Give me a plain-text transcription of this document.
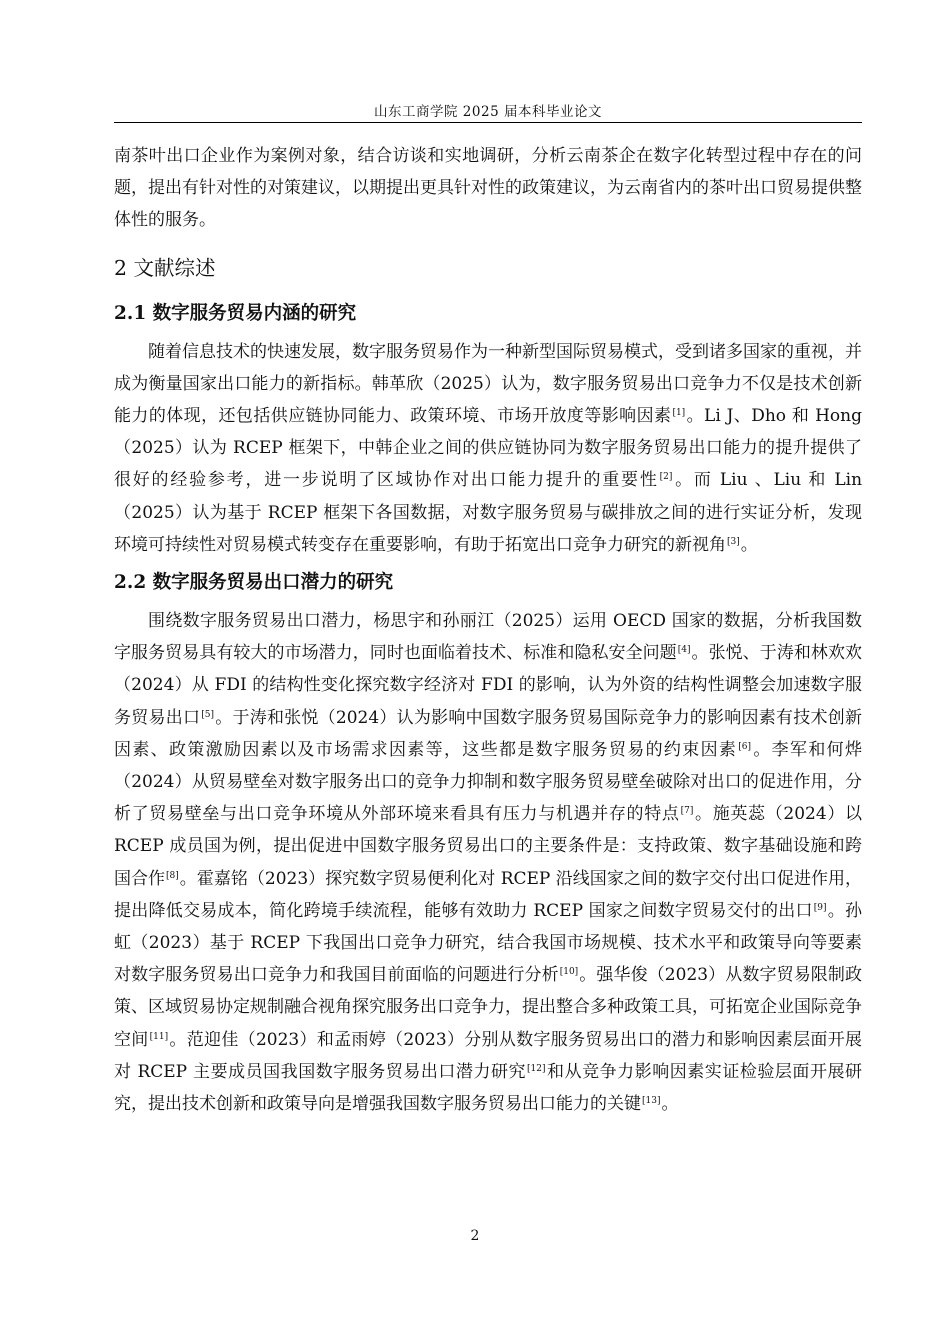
山东工商学院 2025 届本科毕业论文

南茶叶出口企业作为案例对象，结合访谈和实地调研，分析云南茶企在数字化转型过程中存在的问题，提出有针对性的对策建议，以期提出更具针对性的政策建议，为云南省内的茶叶出口贸易提供整体性的服务。

2 文献综述
2.1 数字服务贸易内涵的研究

随着信息技术的快速发展，数字服务贸易作为一种新型国际贸易模式，受到诸多国家的重视，并成为衡量国家出口能力的新指标。韩革欣（2025）认为，数字服务贸易出口竞争力不仅是技术创新能力的体现，还包括供应链协同能力、政策环境、市场开放度等影响因素[1]。Li J、Dho 和 Hong（2025）认为 RCEP 框架下，中韩企业之间的供应链协同为数字服务贸易出口能力的提升提供了很好的经验参考，进一步说明了区域协作对出口能力提升的重要性[2]。而 Liu 、Liu 和 Lin（2025）认为基于 RCEP 框架下各国数据，对数字服务贸易与碳排放之间的进行实证分析，发现环境可持续性对贸易模式转变存在重要影响，有助于拓宽出口竞争力研究的新视角[3]。

2.2 数字服务贸易出口潜力的研究

围绕数字服务贸易出口潜力，杨思宇和孙丽江（2025）运用 OECD 国家的数据，分析我国数字服务贸易具有较大的市场潜力，同时也面临着技术、标准和隐私安全问题[4]。张悦、于涛和林欢欢（2024）从 FDI 的结构性变化探究数字经济对 FDI 的影响，认为外资的结构性调整会加速数字服务贸易出口[5]。于涛和张悦（2024）认为影响中国数字服务贸易国际竞争力的影响因素有技术创新因素、政策激励因素以及市场需求因素等，这些都是数字服务贸易的约束因素[6]。李军和何烨（2024）从贸易壁垒对数字服务出口的竞争力抑制和数字服务贸易壁垒破除对出口的促进作用，分析了贸易壁垒与出口竞争环境从外部环境来看具有压力与机遇并存的特点[7]。施英蕊（2024）以 RCEP 成员国为例，提出促进中国数字服务贸易出口的主要条件是：支持政策、数字基础设施和跨国合作[8]。霍嘉铭（2023）探究数字贸易便利化对 RCEP 沿线国家之间的数字交付出口促进作用，提出降低交易成本，简化跨境手续流程，能够有效助力 RCEP 国家之间数字贸易交付的出口[9]。孙虹（2023）基于 RCEP 下我国出口竞争力研究，结合我国市场规模、技术水平和政策导向等要素对数字服务贸易出口竞争力和我国目前面临的问题进行分析[10]。强华俊（2023）从数字贸易限制政策、区域贸易协定规制融合视角探究服务出口竞争力，提出整合多种政策工具，可拓宽企业国际竞争空间[11]。范迎佳（2023）和孟雨婷（2023）分别从数字服务贸易出口的潜力和影响因素层面开展对 RCEP 主要成员国我国数字服务贸易出口潜力研究[12]和从竞争力影响因素实证检验层面开展研究，提出技术创新和政策导向是增强我国数字服务贸易出口能力的关键[13]。

2
